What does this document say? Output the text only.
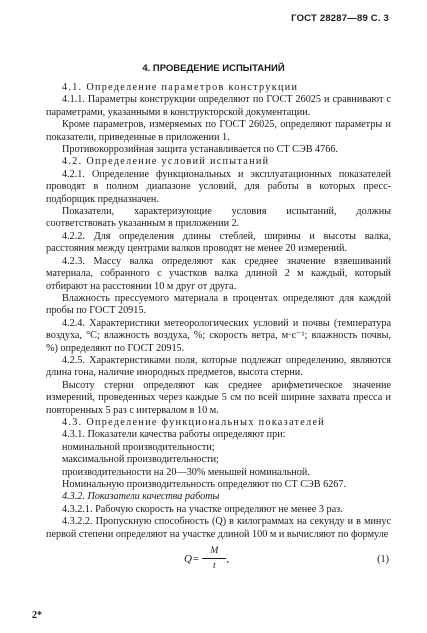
ГОСТ 28287—89 С. 3
4. ПРОВЕДЕНИЕ ИСПЫТАНИЙ

4.1. Определение параметров конструкции

4.1.1. Параметры конструкции определяют по ГОСТ 26025 и сравнивают с параметрами, указанными в конструкторской документации.

Кроме параметров, измеряемых по ГОСТ 26025, определяют параметры и показатели, приведенные в приложении 1.

Противокоррозийная защита устанавливается по СТ СЭВ 4766.

4.2. Определение условий испытаний

4.2.1. Определение функциональных и эксплуатационных показателей проводят в полном диапазоне условий, для работы в которых пресс-подборщик предназначен.

Показатели, характеризующие условия испытаний, должны соответствовать указанным в приложении 2.

4.2.2. Для определения длины стеблей, ширины и высоты валка, расстояния между центрами валков проводят не менее 20 измерений.

4.2.3. Массу валка определяют как среднее значение взвешиваний материала, собранного с участков валка длиной 2 м каждый, который отбирают на расстоянии 10 м друг от друга.

Влажность прессуемого материала в процентах определяют для каждой пробы по ГОСТ 20915.

4.2.4. Характеристики метеорологических условий и почвы (температура воздуха, °С; влажность воздуха, %; скорость ветра, м·с⁻¹; влажность почвы, %) определяют по ГОСТ 20915.

4.2.5. Характеристиками поля, которые подлежат определению, являются длина гона, наличие инородных предметов, высота стерни.

Высоту стерни определяют как среднее арифметическое значение измерений, проведенных через каждые 5 см по всей ширине захвата пресса и повторенных 5 раз с интервалом в 10 м.

4.3. Определение функциональных показателей

4.3.1. Показатели качества работы определяют при:

номинальной производительности;

максимальной производительности;

производительности на 20—30% меньшей номинальной.

Номинальную производительность определяют по СТ СЭВ 6267.

4.3.2. Показатели качества работы

4.3.2.1. Рабочую скорость на участке определяют не менее 3 раз.

4.3.2.2. Пропускную способность (Q) в килограммах на секунду и в минус первой степени определяют на участке длиной 100 м и вычисляют по формуле

$Q = \frac{M}{t}$ ,	(1)
2*
